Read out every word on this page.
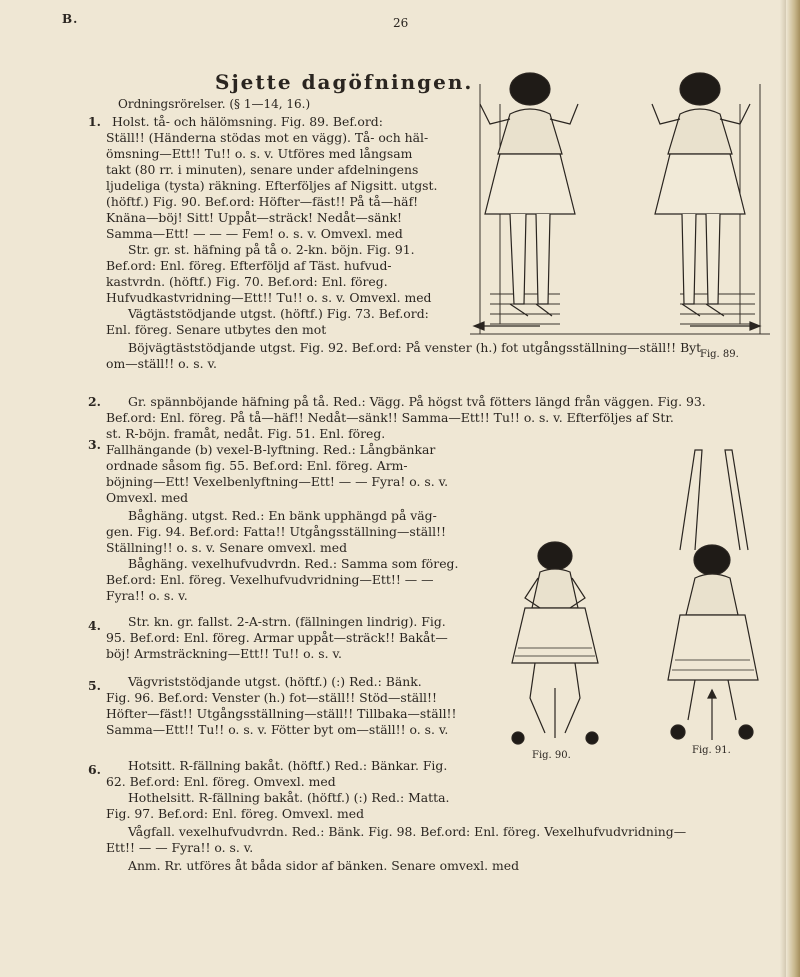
B.	26
Sjette dagöfningen.
Ordningsrörelser. (§ 1—14, 16.)
1.
2.
3.
4.
5.
6.
Holst. tå- och hälömsning. Fig. 89. Bef.ord:
Ställ!! (Händerna stödas mot en vägg). Tå- och häl-
ömsning—Ett!! Tu!! o. s. v. Utföres med långsam
takt (80 rr. i minuten), senare under afdelningens
ljudeliga (tysta) räkning. Efterföljes af Nigsitt. utgst.
(höftf.) Fig. 90. Bef.ord: Höfter—fäst!! På tå—häf!
Knäna—böj! Sitt! Uppåt—sträck! Nedåt—sänk!
Samma—Ett! — — — Fem! o. s. v. Omvexl. med
Str. gr. st. häfning på tå o. 2-kn. böjn. Fig. 91.
Bef.ord: Enl. föreg. Efterföljd af Täst. hufvud-
kastvrdn. (höftf.) Fig. 70. Bef.ord: Enl. föreg.
Hufvudkastvridning—Ett!! Tu!! o. s. v. Omvexl. med
Vägtäststödjande utgst. (höftf.) Fig. 73. Bef.ord:
Enl. föreg. Senare utbytes den mot
Böjvägtäststödjande utgst. Fig. 92. Bef.ord: På venster (h.) fot utgångsställning—ställ!! Byt
om—ställ!! o. s. v.
Gr. spännböjande häfning på tå. Red.: Vägg. På högst två fötters längd från väggen. Fig. 93.
Bef.ord: Enl. föreg. På tå—häf!! Nedåt—sänk!! Samma—Ett!! Tu!! o. s. v. Efterföljes af Str.
st. R-böjn. framåt, nedåt. Fig. 51. Enl. föreg.
Fallhängande (b) vexel-B-lyftning. Red.: Långbänkar
ordnade såsom fig. 55. Bef.ord: Enl. föreg. Arm-
böjning—Ett! Vexelbenlyftning—Ett! — — Fyra! o. s. v.
Omvexl. med
Båghäng. utgst. Red.: En bänk upphängd på väg-
gen. Fig. 94. Bef.ord: Fatta!! Utgångsställning—ställ!!
Ställning!! o. s. v. Senare omvexl. med
Båghäng. vexelhufvudvrdn. Red.: Samma som föreg.
Bef.ord: Enl. föreg. Vexelhufvudvridning—Ett!! — —
Fyra!! o. s. v.
Str. kn. gr. fallst. 2-A-strn. (fällningen lindrig). Fig.
95. Bef.ord: Enl. föreg. Armar uppåt—sträck!! Bakåt—
böj! Armsträckning—Ett!! Tu!! o. s. v.
Vägvriststödjande utgst. (höftf.) (:) Red.: Bänk.
Fig. 96. Bef.ord: Venster (h.) fot—ställ!! Stöd—ställ!!
Höfter—fäst!! Utgångsställning—ställ!! Tillbaka—ställ!!
Samma—Ett!! Tu!! o. s. v. Fötter byt om—ställ!! o. s. v.
Hotsitt. R-fällning bakåt. (höftf.) Red.: Bänkar. Fig.
62. Bef.ord: Enl. föreg. Omvexl. med
Hothelsitt. R-fällning bakåt. (höftf.) (:) Red.: Matta.
Fig. 97. Bef.ord: Enl. föreg. Omvexl. med
Vågfall. vexelhufvudvrdn. Red.: Bänk. Fig. 98. Bef.ord: Enl. föreg. Vexelhufvudvridning—
Ett!! — — Fyra!! o. s. v.
Anm. Rr. utföres åt båda sidor af bänken. Senare omvexl. med
Fig. 89.
Fig. 90.	Fig. 91.
